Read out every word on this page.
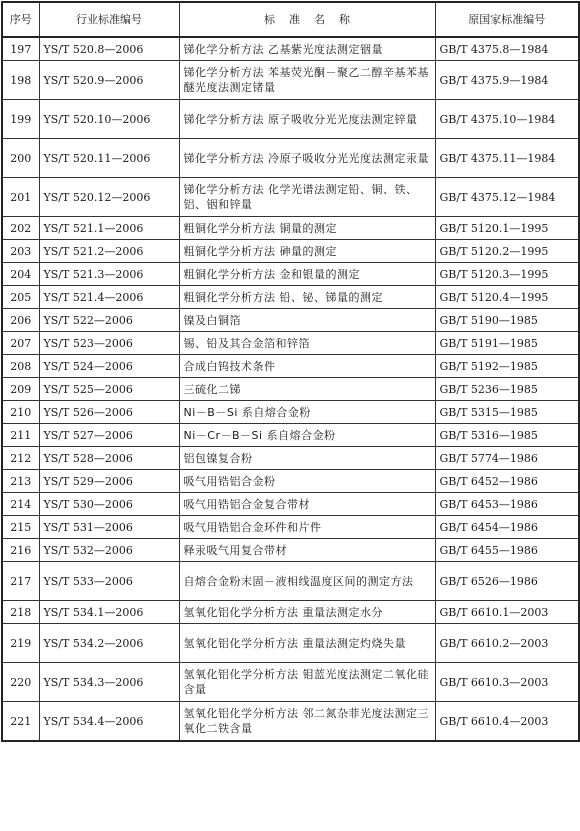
序号	行业标准编号	标准名称	原国家标准编号
197	YS/T 520.8—2006	锑化学分析方法 乙基紫光度法测定铟量	GB/T 4375.8—1984
198	YS/T 520.9—2006	锑化学分析方法 苯基荧光酮－聚乙二醇辛基苯基醚光度法测定锗量	GB/T 4375.9—1984
199	YS/T 520.10—2006	锑化学分析方法 原子吸收分光光度法测定锌量	GB/T 4375.10—1984
200	YS/T 520.11—2006	锑化学分析方法 冷原子吸收分光光度法测定汞量	GB/T 4375.11—1984
201	YS/T 520.12—2006	锑化学分析方法 化学光谱法测定铅、铜、铁、铝、铟和锌量	GB/T 4375.12—1984
202	YS/T 521.1—2006	粗铜化学分析方法 铜量的测定	GB/T 5120.1—1995
203	YS/T 521.2—2006	粗铜化学分析方法 砷量的测定	GB/T 5120.2—1995
204	YS/T 521.3—2006	粗铜化学分析方法 金和银量的测定	GB/T 5120.3—1995
205	YS/T 521.4—2006	粗铜化学分析方法 铅、铋、锑量的测定	GB/T 5120.4—1995
206	YS/T 522—2006	镍及白铜箔	GB/T 5190—1985
207	YS/T 523—2006	锡、铅及其合金箔和锌箔	GB/T 5191—1985
208	YS/T 524—2006	合成白钨技术条件	GB/T 5192—1985
209	YS/T 525—2006	三硫化二锑	GB/T 5236—1985
210	YS/T 526—2006	Ni－B－Si 系自熔合金粉	GB/T 5315—1985
211	YS/T 527—2006	Ni－Cr－B－Si 系自熔合金粉	GB/T 5316—1985
212	YS/T 528—2006	铝包镍复合粉	GB/T 5774—1986
213	YS/T 529—2006	吸气用锆铝合金粉	GB/T 6452—1986
214	YS/T 530—2006	吸气用锆铝合金复合带材	GB/T 6453—1986
215	YS/T 531—2006	吸气用锆铝合金环件和片件	GB/T 6454—1986
216	YS/T 532—2006	释汞吸气用复合带材	GB/T 6455—1986
217	YS/T 533—2006	自熔合金粉末固－液相线温度区间的测定方法	GB/T 6526—1986
218	YS/T 534.1—2006	氢氧化铝化学分析方法 重量法测定水分	GB/T 6610.1—2003
219	YS/T 534.2—2006	氢氧化铝化学分析方法 重量法测定灼烧失量	GB/T 6610.2—2003
220	YS/T 534.3—2006	氢氧化铝化学分析方法 钼蓝光度法测定二氧化硅含量	GB/T 6610.3—2003
221	YS/T 534.4—2006	氢氧化铝化学分析方法 邻二氮杂菲光度法测定三氧化二铁含量	GB/T 6610.4—2003
